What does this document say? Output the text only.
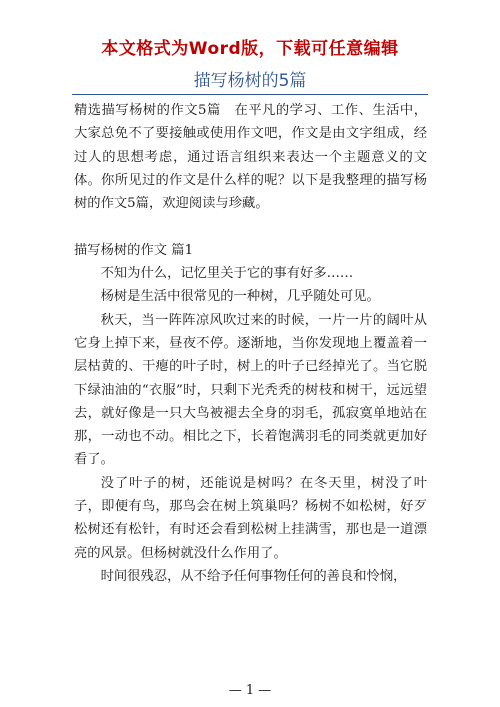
本文格式为Word版，下载可任意编辑
描写杨树的5篇

精选描写杨树的作文5篇　在平凡的学习、工作、生活中，大家总免不了要接触或使用作文吧，作文是由文字组成，经过人的思想考虑，通过语言组织来表达一个主题意义的文体。你所见过的作文是什么样的呢？以下是我整理的描写杨树的作文5篇，欢迎阅读与珍藏。

描写杨树的作文 篇1

不知为什么，记忆里关于它的事有好多……

杨树是生活中很常见的一种树，几乎随处可见。

秋天，当一阵阵凉风吹过来的时候，一片一片的阔叶从它身上掉下来，昼夜不停。逐渐地，当你发现地上覆盖着一层枯黄的、干瘪的叶子时，树上的叶子已经掉光了。当它脱下绿油油的“衣服”时，只剩下光秃秃的树枝和树干，远远望去，就好像是一只大鸟被褪去全身的羽毛，孤寂寞单地站在那，一动也不动。相比之下，长着饱满羽毛的同类就更加好看了。

没了叶子的树，还能说是树吗？在冬天里，树没了叶子，即便有鸟，那鸟会在树上筑巢吗？杨树不如松树，好歹松树还有松针，有时还会看到松树上挂满雪，那也是一道漂亮的风景。但杨树就没什么作用了。

时间很残忍，从不给予任何事物任何的善良和怜悯，

— 1 —
